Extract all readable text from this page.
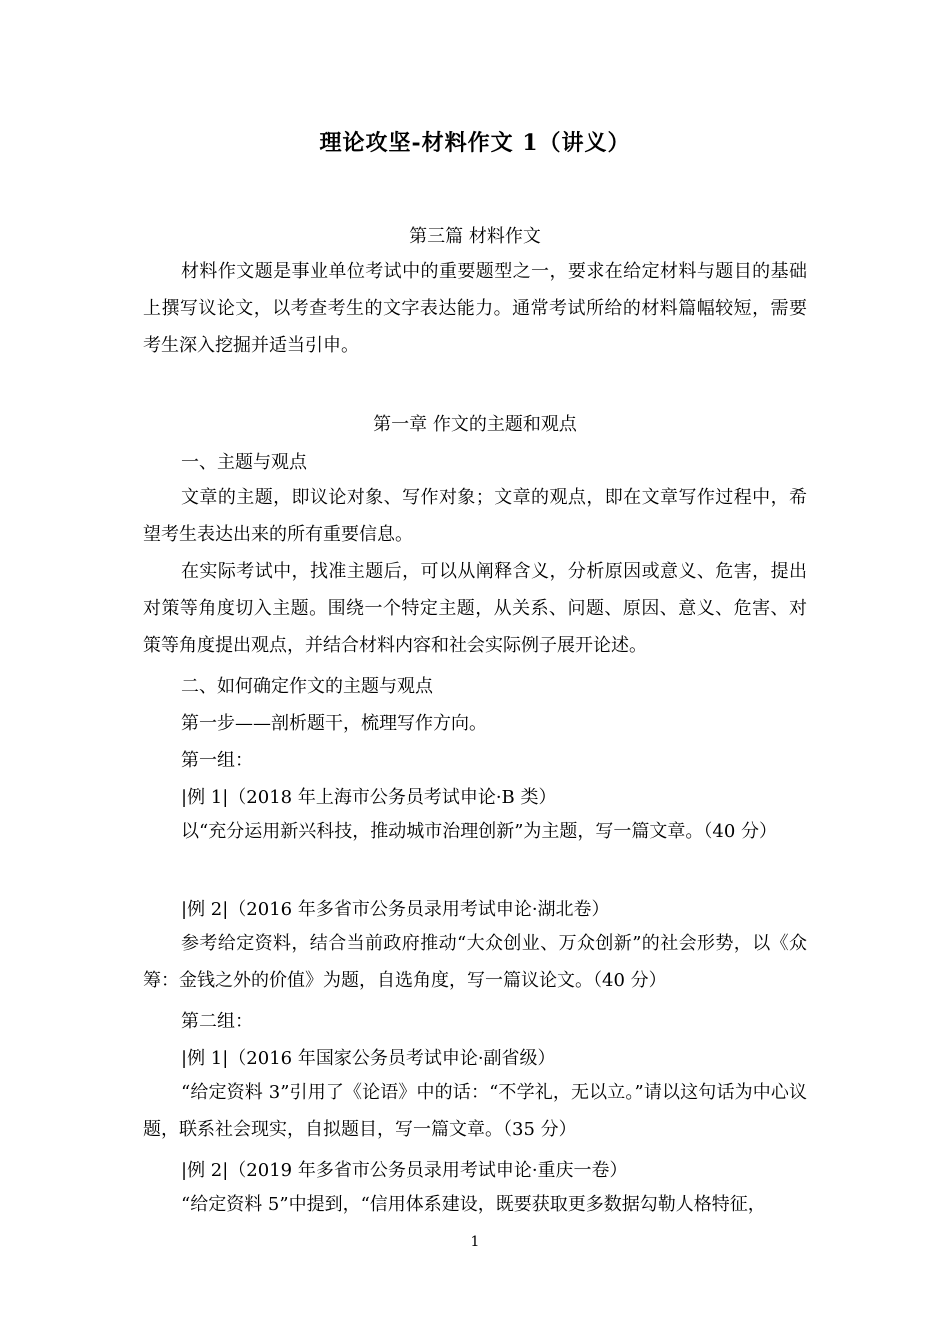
理论攻坚-材料作文 1（讲义）
第三篇 材料作文
材料作文题是事业单位考试中的重要题型之一，要求在给定材料与题目的基础上撰写议论文，以考查考生的文字表达能力。通常考试所给的材料篇幅较短，需要考生深入挖掘并适当引申。
第一章 作文的主题和观点
一、主题与观点
文章的主题，即议论对象、写作对象；文章的观点，即在文章写作过程中，希望考生表达出来的所有重要信息。
在实际考试中，找准主题后，可以从阐释含义，分析原因或意义、危害，提出对策等角度切入主题。围绕一个特定主题，从关系、问题、原因、意义、危害、对策等角度提出观点，并结合材料内容和社会实际例子展开论述。
二、如何确定作文的主题与观点
第一步——剖析题干，梳理写作方向。
第一组：
|例 1|（2018 年上海市公务员考试申论·B 类）
以“充分运用新兴科技，推动城市治理创新”为主题，写一篇文章。（40 分）
|例 2|（2016 年多省市公务员录用考试申论·湖北卷）
参考给定资料，结合当前政府推动“大众创业、万众创新”的社会形势，以《众筹：金钱之外的价值》为题，自选角度，写一篇议论文。（40 分）
第二组：
|例 1|（2016 年国家公务员考试申论·副省级）
“给定资料 3”引用了《论语》中的话：“不学礼，无以立。”请以这句话为中心议题，联系社会现实，自拟题目，写一篇文章。（35 分）
|例 2|（2019 年多省市公务员录用考试申论·重庆一卷）
“给定资料 5”中提到，“信用体系建设，既要获取更多数据勾勒人格特征，
1
